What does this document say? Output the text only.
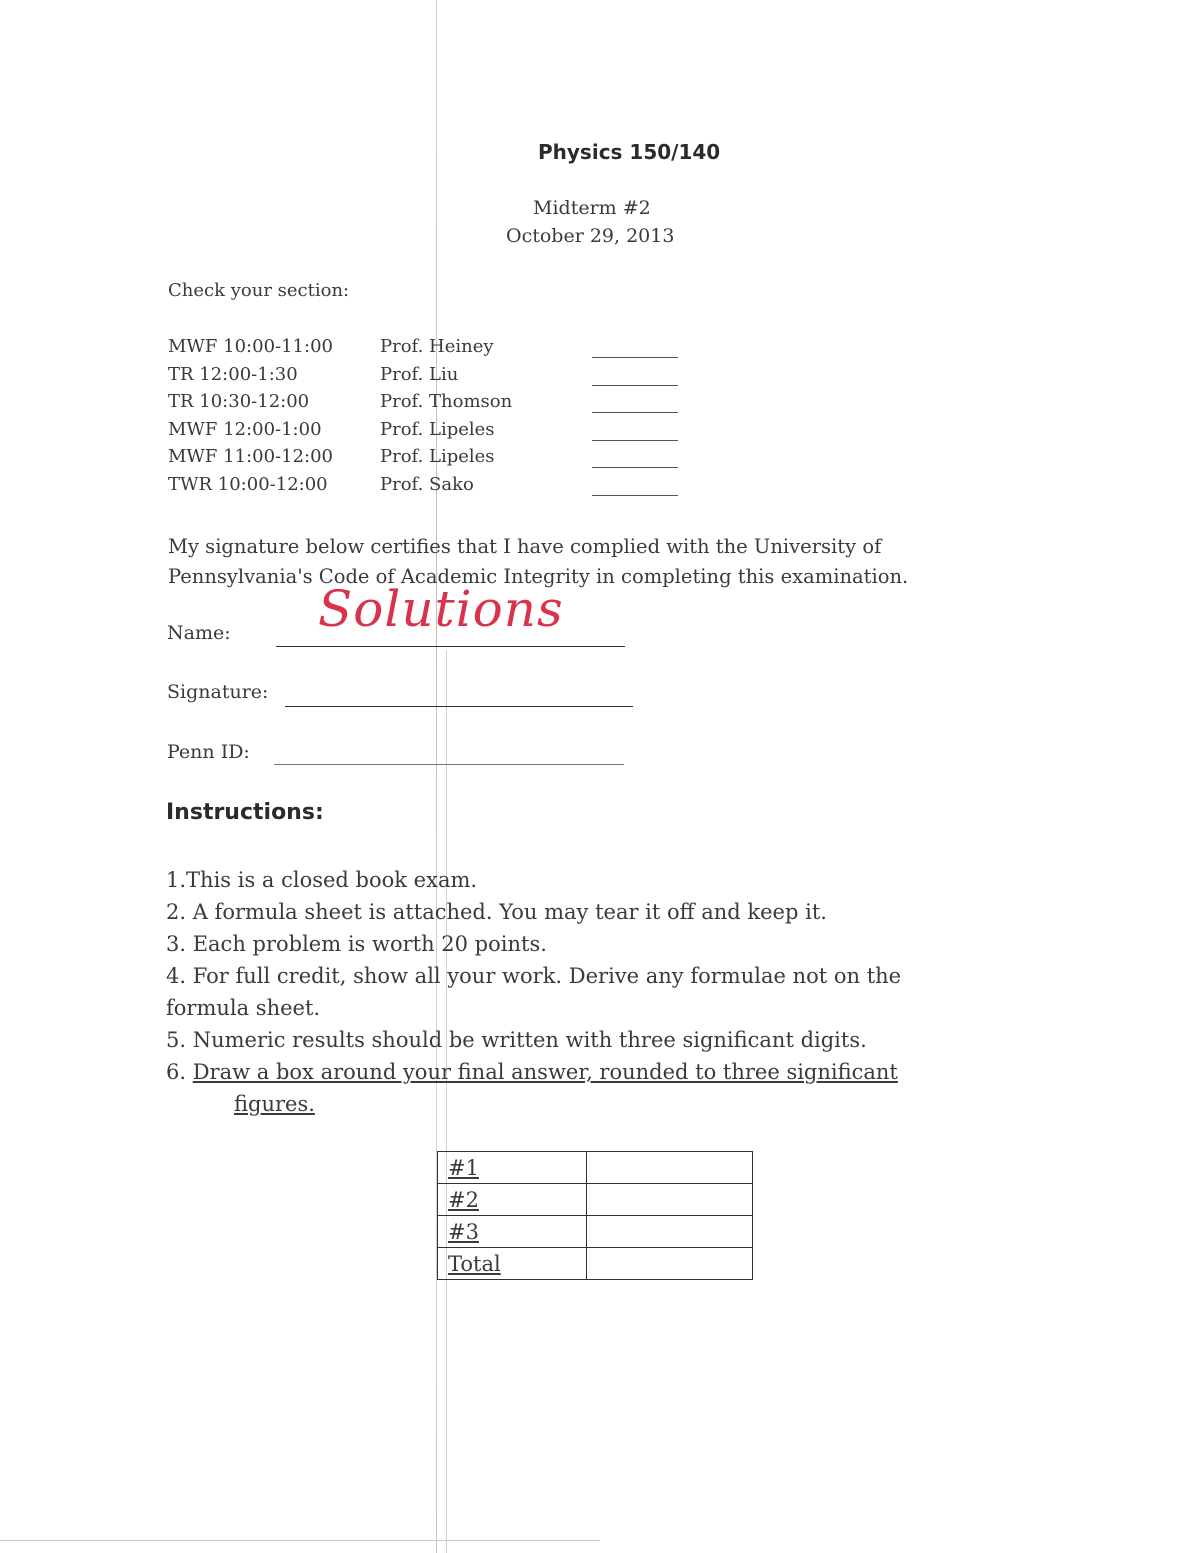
Physics 150/140
Midterm #2
October 29, 2013
Check your section:
MWF 10:00-11:00	Prof. Heiney
TR 12:00-1:30	Prof. Liu
TR 10:30-12:00	Prof. Thomson
MWF 12:00-1:00	Prof. Lipeles
MWF 11:00-12:00	Prof. Lipeles
TWR 10:00-12:00	Prof. Sako
My signature below certifies that I have complied with the University of
Pennsylvania's Code of Academic Integrity in completing this examination.
Name: Solutions
Signature:
Penn ID:
Instructions:
1.This is a closed book exam.
2. A formula sheet is attached. You may tear it off and keep it.
3. Each problem is worth 20 points.
4. For full credit, show all your work. Derive any formulae not on the
formula sheet.
5. Numeric results should be written with three significant digits.
6. Draw a box around your final answer, rounded to three significant
figures.
#1	
#2	
#3	
Total	
